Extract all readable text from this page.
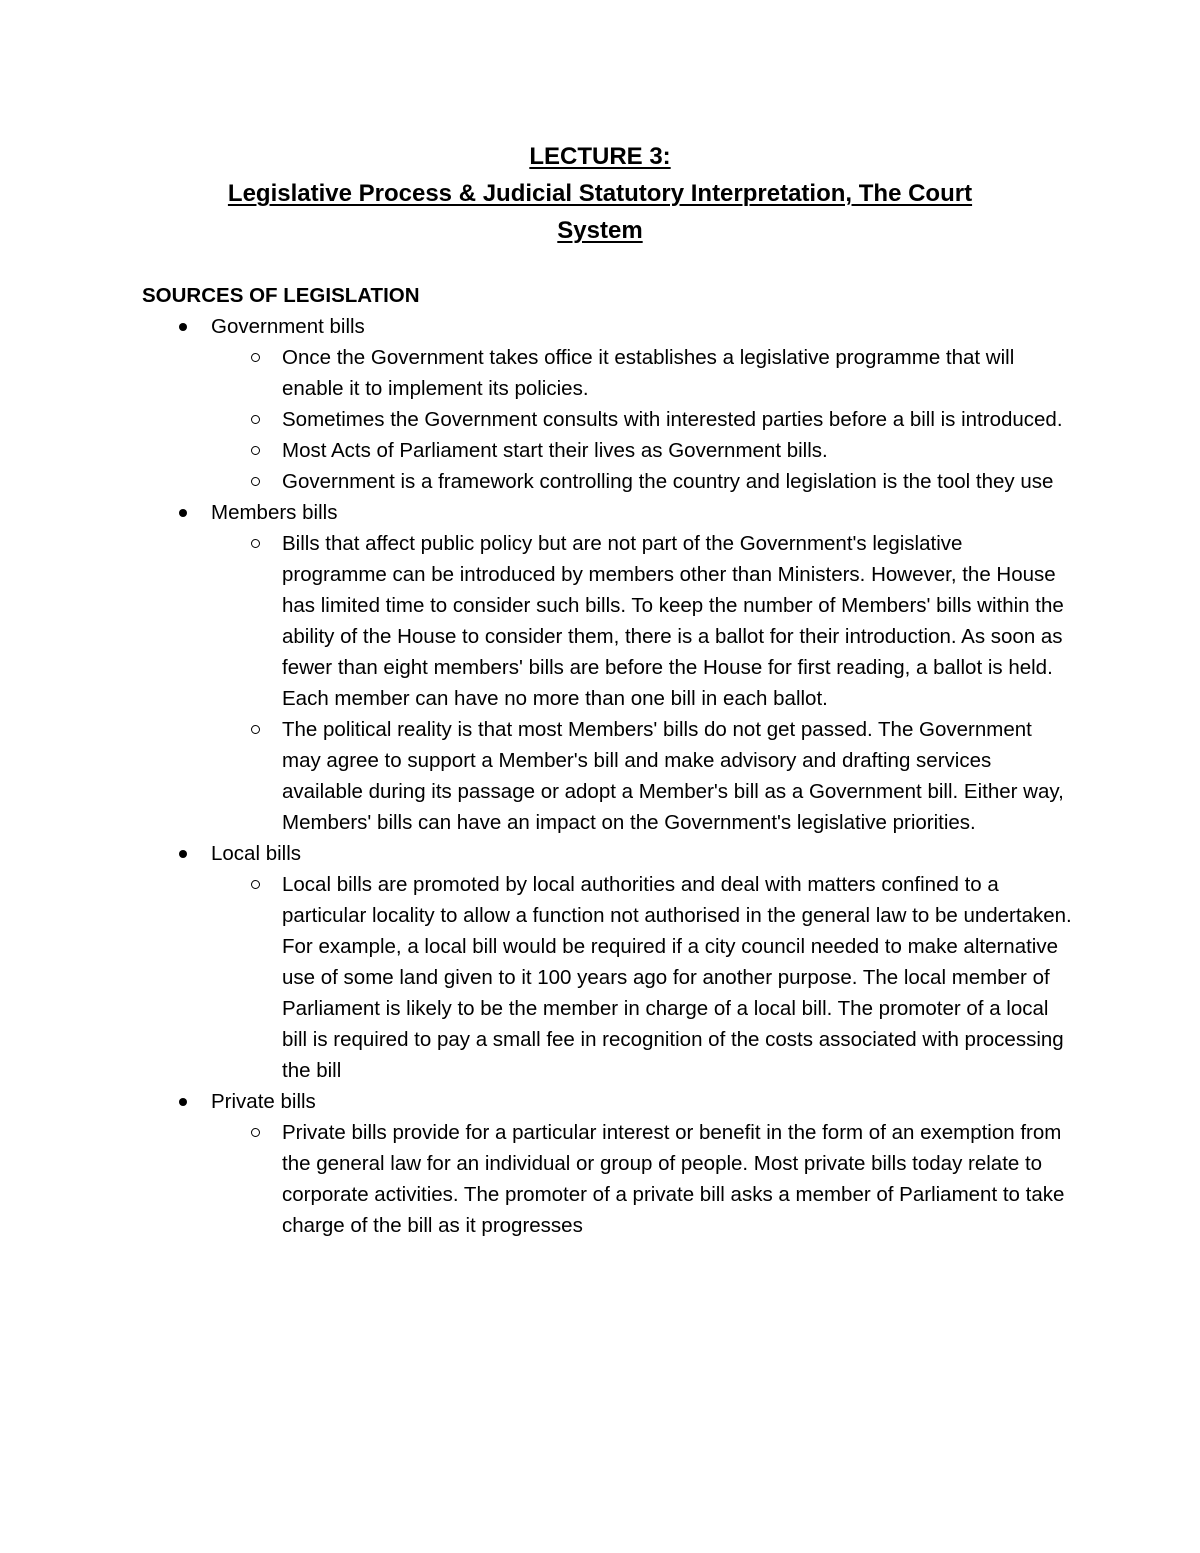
LECTURE 3:
Legislative Process & Judicial Statutory Interpretation, The Court
System
SOURCES OF LEGISLATION
Government bills
Once the Government takes office it establishes a legislative programme that will enable it to implement its policies.
Sometimes the Government consults with interested parties before a bill is introduced.
Most Acts of Parliament start their lives as Government bills.
Government is a framework controlling the country and legislation is the tool they use
Members bills
Bills that affect public policy but are not part of the Government's legislative programme can be introduced by members other than Ministers. However, the House has limited time to consider such bills. To keep the number of Members' bills within the ability of the House to consider them, there is a ballot for their introduction. As soon as fewer than eight members' bills are before the House for first reading, a ballot is held. Each member can have no more than one bill in each ballot.
The political reality is that most Members' bills do not get passed. The Government may agree to support a Member's bill and make advisory and drafting services available during its passage or adopt a Member's bill as a Government bill. Either way, Members' bills can have an impact on the Government's legislative priorities.
Local bills
Local bills are promoted by local authorities and deal with matters confined to a particular locality to allow a function not authorised in the general law to be undertaken. For example, a local bill would be required if a city council needed to make alternative use of some land given to it 100 years ago for another purpose. The local member of Parliament is likely to be the member in charge of a local bill. The promoter of a local bill is required to pay a small fee in recognition of the costs associated with processing the bill
Private bills
Private bills provide for a particular interest or benefit in the form of an exemption from the general law for an individual or group of people. Most private bills today relate to corporate activities. The promoter of a private bill asks a member of Parliament to take charge of the bill as it progresses
